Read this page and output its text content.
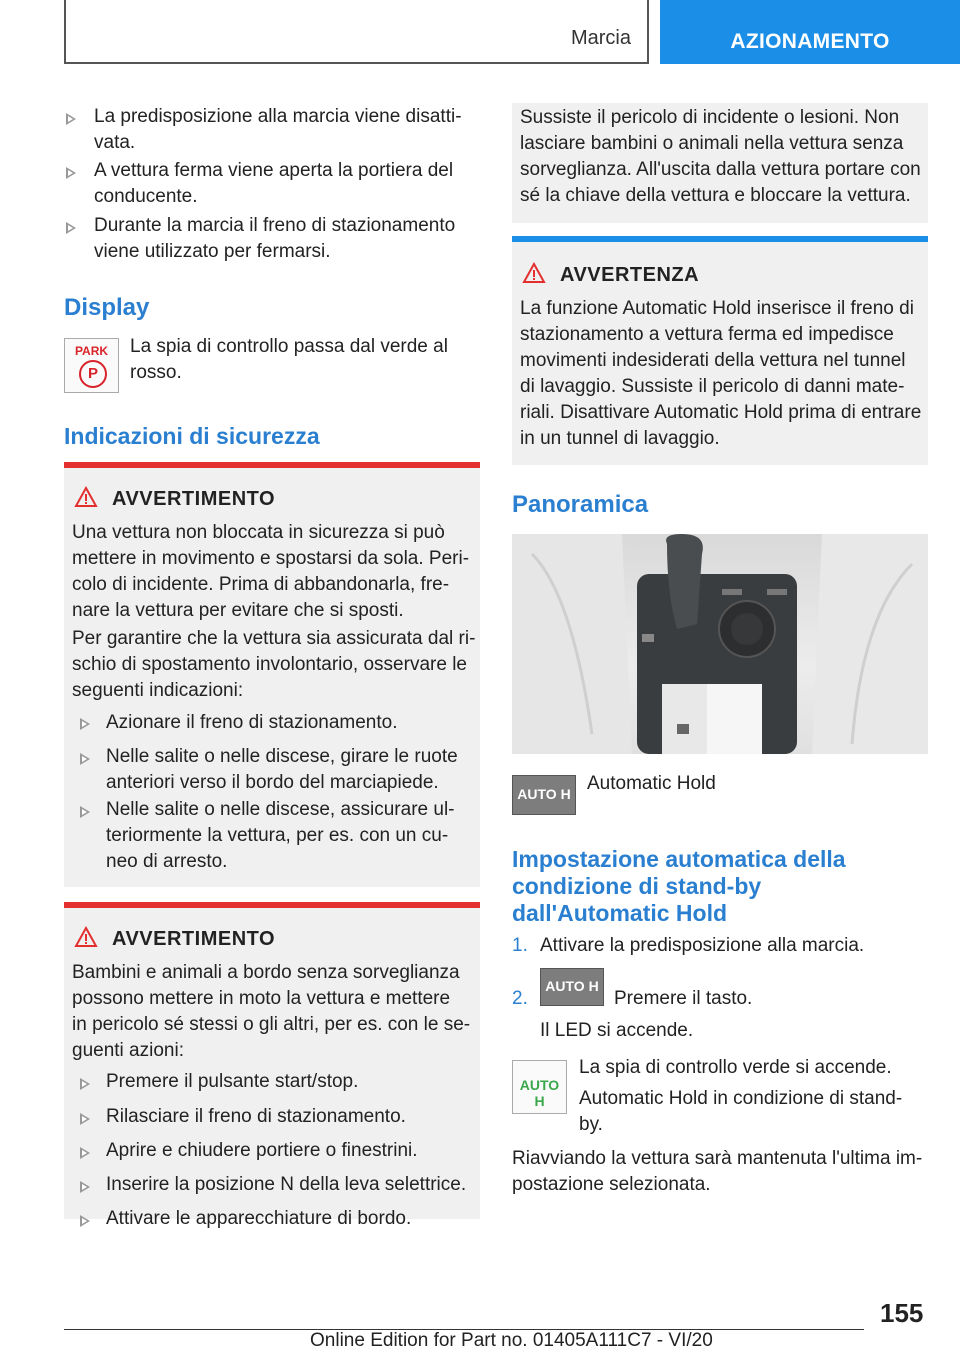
Marcia	AZIONAMENTO
La predisposizione alla marcia viene disatti-
vata.
A vettura ferma viene aperta la portiera del
conducente.
Durante la marcia il freno di stazionamento
viene utilizzato per fermarsi.
Display
PARK
P
La spia di controllo passa dal verde al
rosso.
Indicazioni di sicurezza
AVVERTIMENTO
Una vettura non bloccata in sicurezza si può
mettere in movimento e spostarsi da sola. Peri-
colo di incidente. Prima di abbandonarla, fre-
nare la vettura per evitare che si sposti.
Per garantire che la vettura sia assicurata dal ri-
schio di spostamento involontario, osservare le
seguenti indicazioni:
Azionare il freno di stazionamento.
Nelle salite o nelle discese, girare le ruote
anteriori verso il bordo del marciapiede.
Nelle salite o nelle discese, assicurare ul-
teriormente la vettura, per es. con un cu-
neo di arresto.
AVVERTIMENTO
Bambini e animali a bordo senza sorveglianza
possono mettere in moto la vettura e mettere
in pericolo sé stessi o gli altri, per es. con le se-
guenti azioni:
Premere il pulsante start/stop.
Rilasciare il freno di stazionamento.
Aprire e chiudere portiere o finestrini.
Inserire la posizione N della leva selettrice.
Attivare le apparecchiature di bordo.
Sussiste il pericolo di incidente o lesioni. Non
lasciare bambini o animali nella vettura senza
sorveglianza. All'uscita dalla vettura portare con
sé la chiave della vettura e bloccare la vettura.
AVVERTENZA
La funzione Automatic Hold inserisce il freno di
stazionamento a vettura ferma ed impedisce
movimenti indesiderati della vettura nel tunnel
di lavaggio. Sussiste il pericolo di danni mate-
riali. Disattivare Automatic Hold prima di entrare
in un tunnel di lavaggio.
Panoramica
AUTO H Automatic Hold
Impostazione automatica della
condizione di stand-by
dall'Automatic Hold
1. Attivare la predisposizione alla marcia.
2.
AUTO H
Premere il tasto.
Il LED si accende.
AUTO H
La spia di controllo verde si accende.
Automatic Hold in condizione di stand-
by.
Riavviando la vettura sarà mantenuta l'ultima im-
postazione selezionata.
155
Online Edition for Part no. 01405A111C7 - VI/20
